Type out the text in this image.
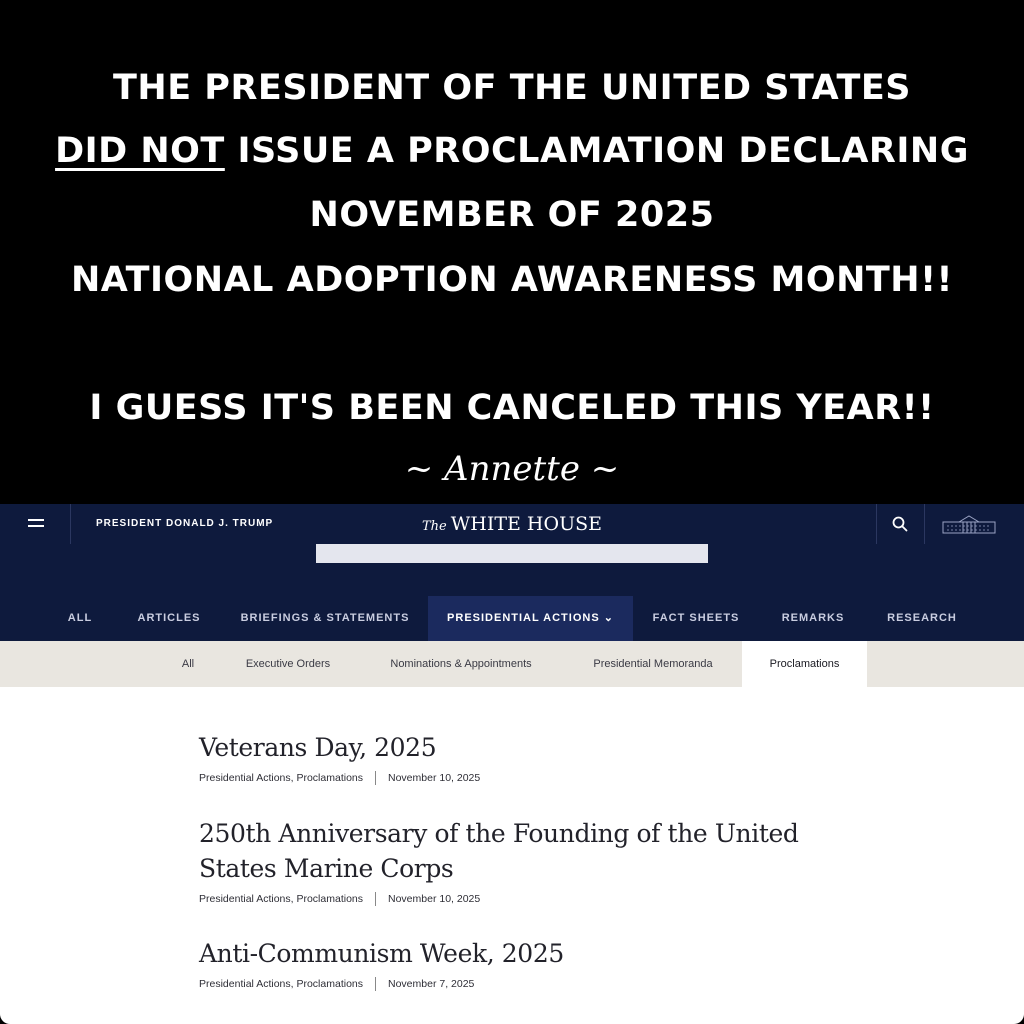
THE PRESIDENT OF THE UNITED STATES
DID NOT ISSUE A PROCLAMATION DECLARING
NOVEMBER OF 2025
NATIONAL ADOPTION AWARENESS MONTH!!
I GUESS IT'S BEEN CANCELED THIS YEAR!!
~ Annette ~
PRESIDENT DONALD J. TRUMP	The WHITE HOUSE
ALL	ARTICLES	BRIEFINGS & STATEMENTS	PRESIDENTIAL ACTIONS ⌄	FACT SHEETS	REMARKS	RESEARCH
All	Executive Orders	Nominations & Appointments	Presidential Memoranda	Proclamations
Veterans Day, 2025
Presidential Actions, Proclamations November 10, 2025
250th Anniversary of the Founding of the United States Marine Corps
Presidential Actions, Proclamations November 10, 2025
Anti-Communism Week, 2025
Presidential Actions, Proclamations November 7, 2025
